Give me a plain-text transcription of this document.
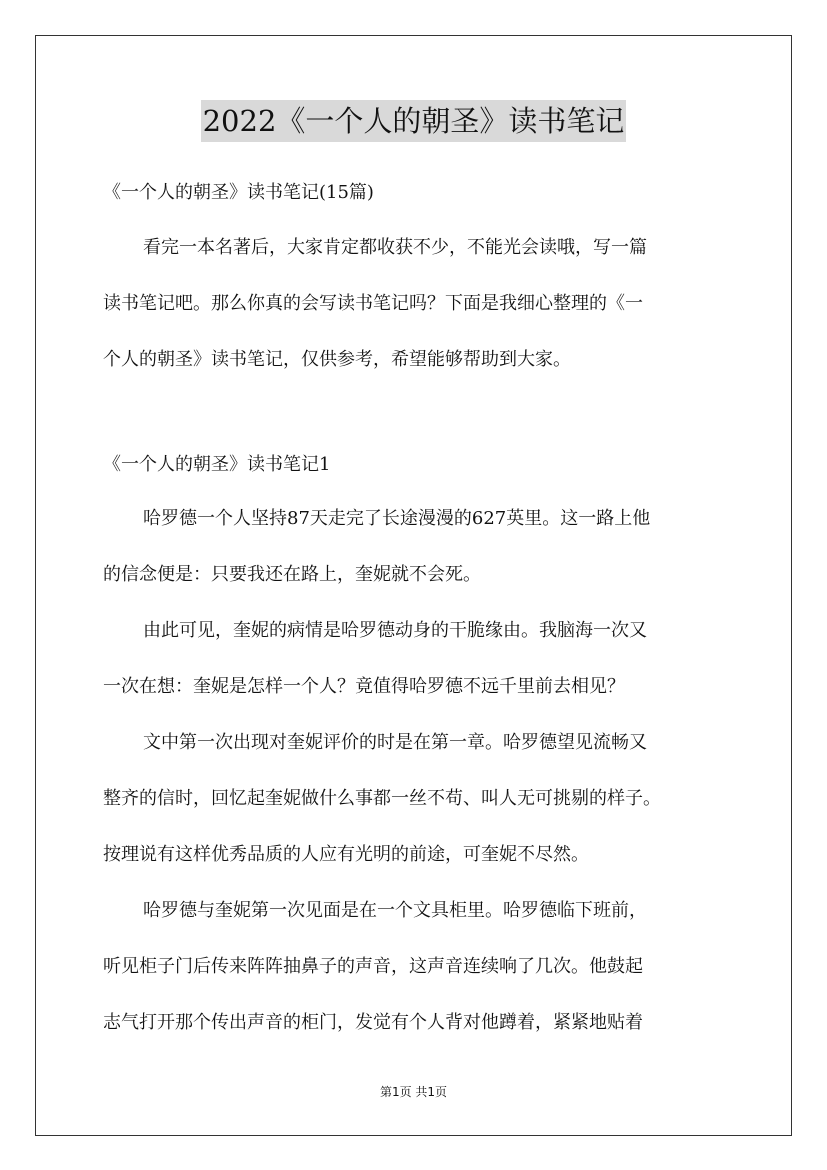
2022《一个人的朝圣》读书笔记

《一个人的朝圣》读书笔记(15篇)

看完一本名著后，大家肯定都收获不少，不能光会读哦，写一篇
读书笔记吧。那么你真的会写读书笔记吗？下面是我细心整理的《一
个人的朝圣》读书笔记，仅供参考，希望能够帮助到大家。

《一个人的朝圣》读书笔记1

哈罗德一个人坚持87天走完了长途漫漫的627英里。这一路上他
的信念便是：只要我还在路上，奎妮就不会死。
由此可见，奎妮的病情是哈罗德动身的干脆缘由。我脑海一次又
一次在想：奎妮是怎样一个人？竟值得哈罗德不远千里前去相见？
文中第一次出现对奎妮评价的时是在第一章。哈罗德望见流畅又
整齐的信时，回忆起奎妮做什么事都一丝不苟、叫人无可挑剔的样子。
按理说有这样优秀品质的人应有光明的前途，可奎妮不尽然。
哈罗德与奎妮第一次见面是在一个文具柜里。哈罗德临下班前，
听见柜子门后传来阵阵抽鼻子的声音，这声音连续响了几次。他鼓起
志气打开那个传出声音的柜门，发觉有个人背对他蹲着，紧紧地贴着
第1页 共1页
